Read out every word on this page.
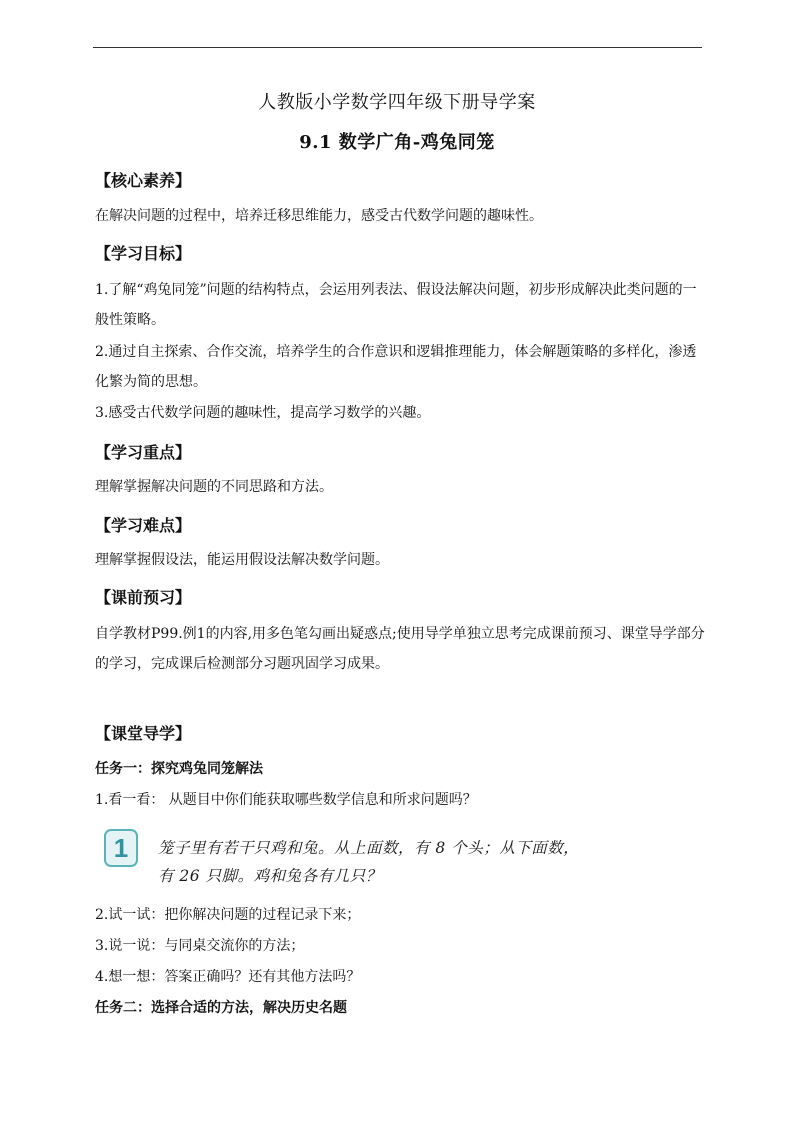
人教版小学数学四年级下册导学案
9.1 数学广角-鸡兔同笼
【核心素养】
在解决问题的过程中，培养迁移思维能力，感受古代数学问题的趣味性。
【学习目标】
1.了解“鸡兔同笼”问题的结构特点，会运用列表法、假设法解决问题，初步形成解决此类问题的一般性策略。
2.通过自主探索、合作交流，培养学生的合作意识和逻辑推理能力，体会解题策略的多样化，渗透化繁为简的思想。
3.感受古代数学问题的趣味性，提高学习数学的兴趣。
【学习重点】
理解掌握解决问题的不同思路和方法。
【学习难点】
理解掌握假设法，能运用假设法解决数学问题。
【课前预习】
自学教材P99.例1的内容,用多色笔勾画出疑惑点;使用导学单独立思考完成课前预习、课堂导学部分的学习，完成课后检测部分习题巩固学习成果。
【课堂导学】
任务一：探究鸡兔同笼解法
1.看一看： 从题目中你们能获取哪些数学信息和所求问题吗？
1	笼子里有若干只鸡和兔。从上面数，有 8 个头；从下面数，
有 26 只脚。鸡和兔各有几只？
2.试一试：把你解决问题的过程记录下来；
3.说一说：与同桌交流你的方法；
4.想一想：答案正确吗？还有其他方法吗？
任务二：选择合适的方法，解决历史名题
